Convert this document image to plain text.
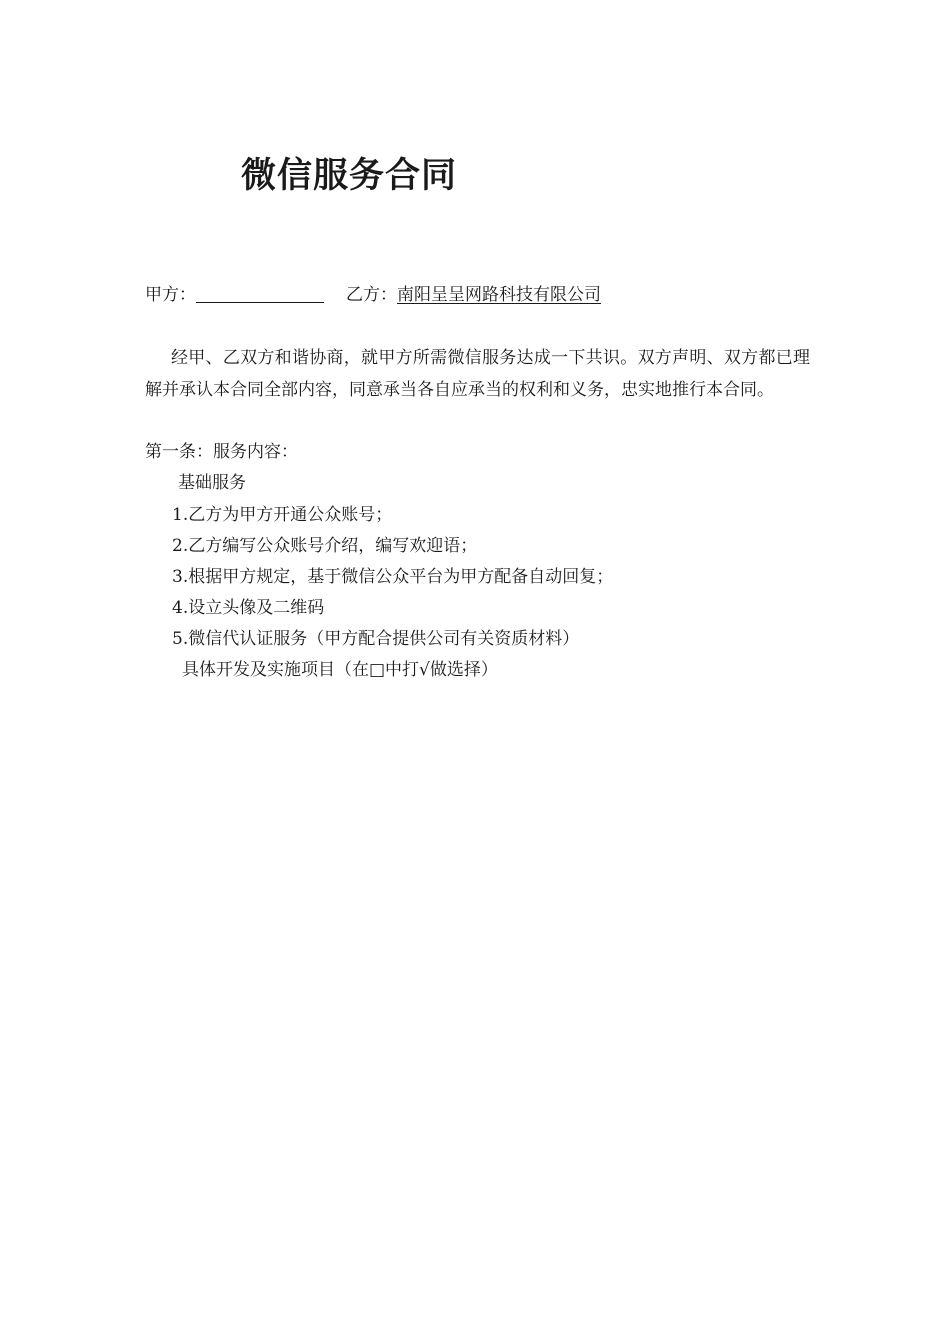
微信服务合同
甲方：	乙方：南阳呈呈网路科技有限公司
经甲、乙双方和谐协商，就甲方所需微信服务达成一下共识。双方声明、双方都已理解并承认本合同全部内容，同意承当各自应承当的权利和义务，忠实地推行本合同。
第一条：服务内容：
基础服务
1.乙方为甲方开通公众账号；
2.乙方编写公众账号介绍，编写欢迎语；
3.根据甲方规定，基于微信公众平台为甲方配备自动回复；
4.设立头像及二维码
5.微信代认证服务（甲方配合提供公司有关资质材料）
具体开发及实施项目（在□中打√做选择）
